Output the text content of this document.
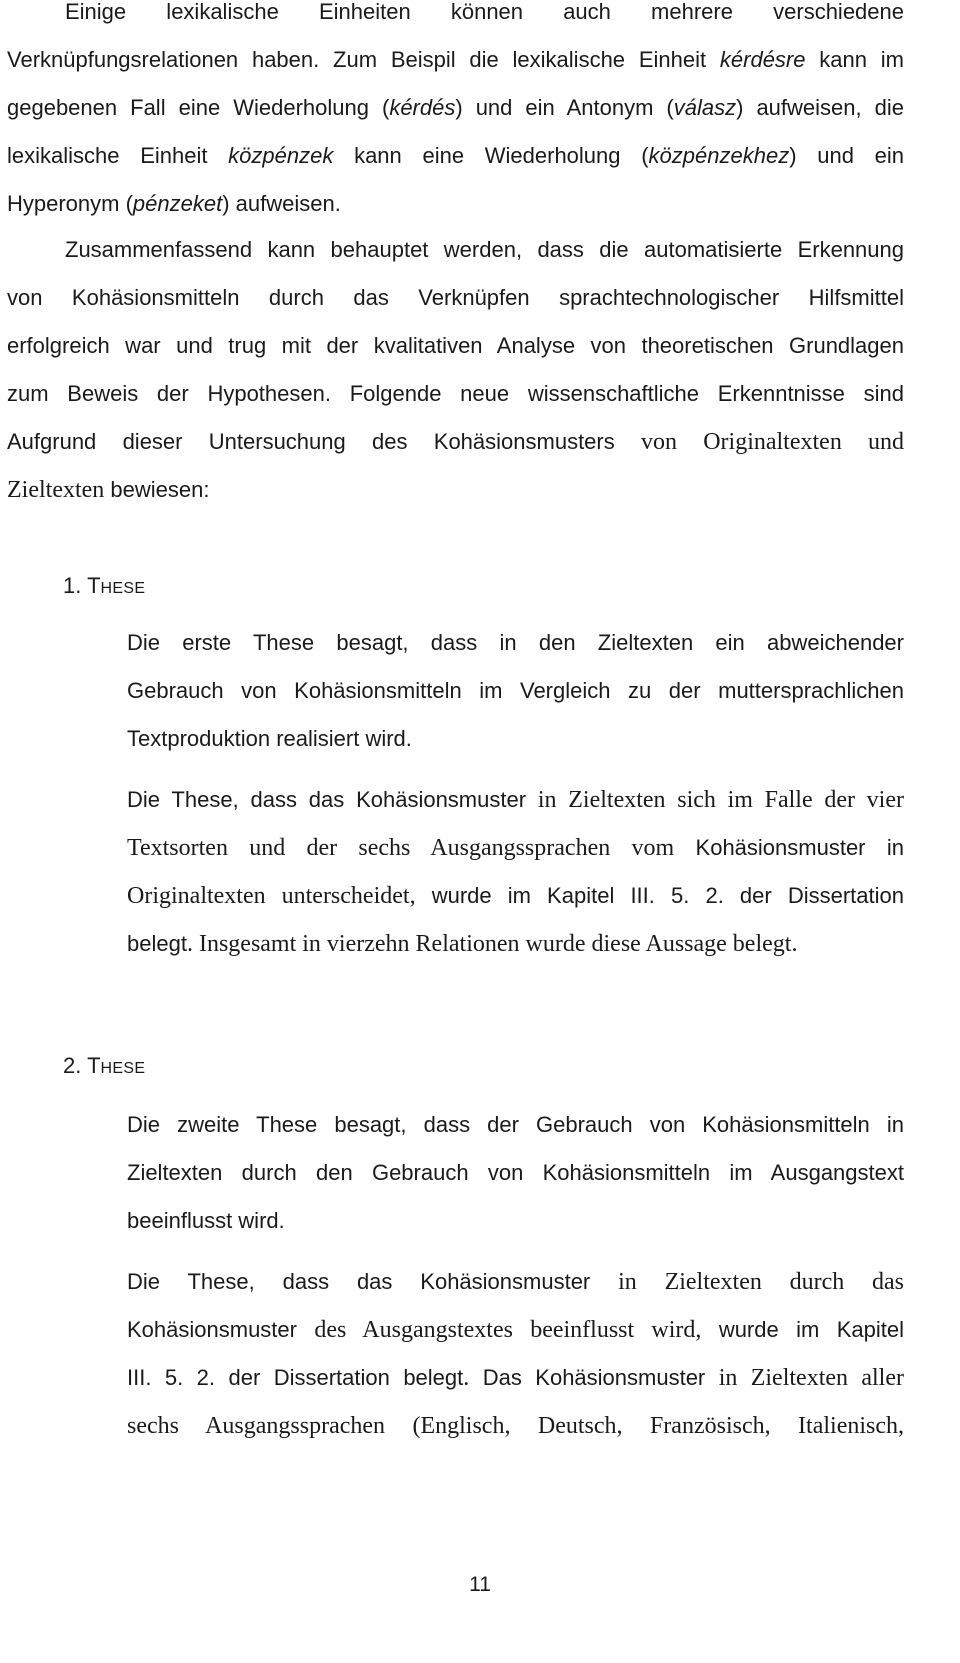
Einige lexikalische Einheiten können auch mehrere verschiedene
Verknüpfungsrelationen haben. Zum Beispil die lexikalische Einheit kérdésre kann im
gegebenen Fall eine Wiederholung (kérdés) und ein Antonym (válasz) aufweisen, die
lexikalische Einheit közpénzek kann eine Wiederholung (közpénzekhez) und ein
Hyperonym (pénzeket) aufweisen.
Zusammenfassend kann behauptet werden, dass die automatisierte Erkennung
von Kohäsionsmitteln durch das Verknüpfen sprachtechnologischer Hilfsmittel
erfolgreich war und trug mit der kvalitativen Analyse von theoretischen Grundlagen
zum Beweis der Hypothesen. Folgende neue wissenschaftliche Erkenntnisse sind
Aufgrund dieser Untersuchung des Kohäsionsmusters von Originaltexten und
Zieltexten bewiesen:
1. THESE
Die erste These besagt, dass in den Zieltexten ein abweichender
Gebrauch von Kohäsionsmitteln im Vergleich zu der muttersprachlichen
Textproduktion realisiert wird.
Die These, dass das Kohäsionsmuster in Zieltexten sich im Falle der vier
Textsorten und der sechs Ausgangssprachen vom Kohäsionsmuster in
Originaltexten unterscheidet, wurde im Kapitel III. 5. 2. der Dissertation
belegt. Insgesamt in vierzehn Relationen wurde diese Aussage belegt.
2. THESE
Die zweite These besagt, dass der Gebrauch von Kohäsionsmitteln in
Zieltexten durch den Gebrauch von Kohäsionsmitteln im Ausgangstext
beeinflusst wird.
Die These, dass das Kohäsionsmuster in Zieltexten durch das
Kohäsionsmuster des Ausgangstextes beeinflusst wird, wurde im Kapitel
III. 5. 2. der Dissertation belegt. Das Kohäsionsmuster in Zieltexten aller
sechs Ausgangssprachen (Englisch, Deutsch, Französisch, Italienisch,
11
